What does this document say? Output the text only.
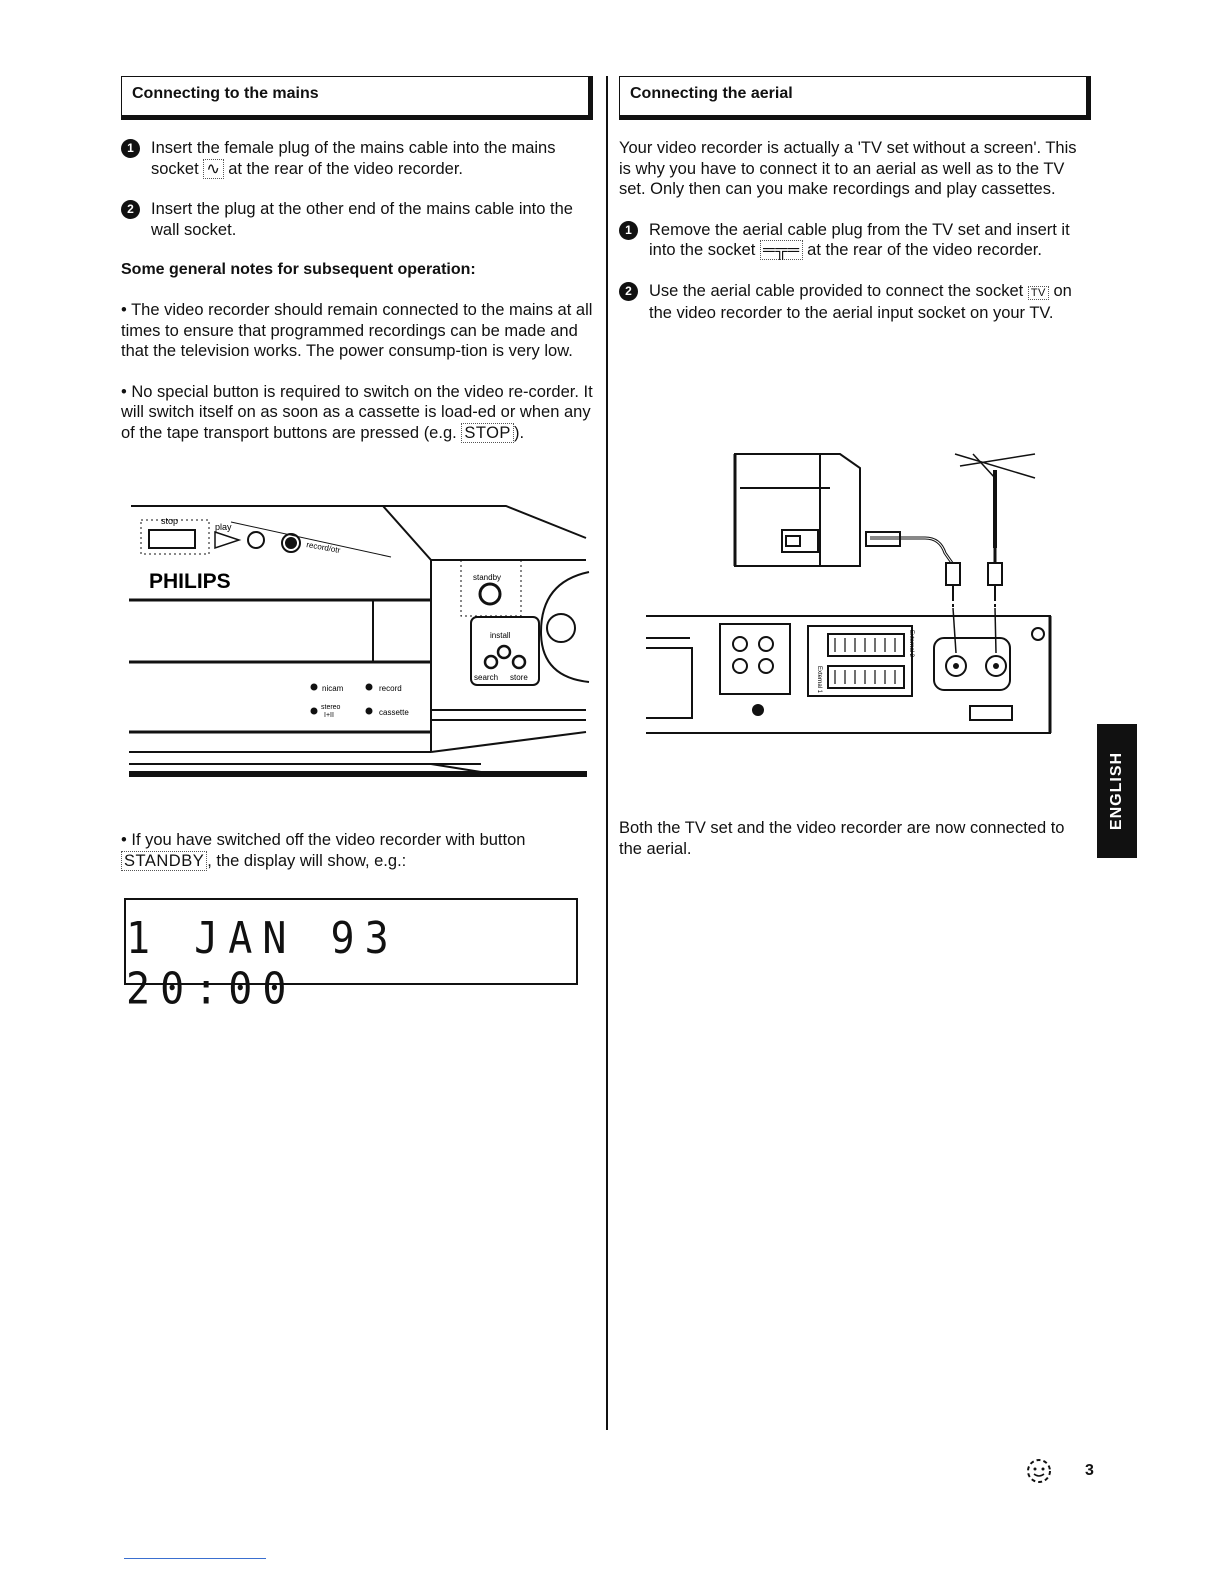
Connecting to the mains
1	Insert the female plug of the mains cable into the mains socket ∿ at the rear of the video recorder.
2	Insert the plug at the other end of the mains cable into the wall socket.
Some general notes for subsequent operation:

• The video recorder should remain connected to the mains at all times to ensure that programmed recordings can be made and that the television works. The power consump-tion is very low.

• No special button is required to switch on the video re-corder. It will switch itself on as soon as a cassette is load-ed or when any of the tape transport buttons are pressed (e.g. STOP ).

stop
play
record/otr
PHILIPS	standby
install
search store
nicam	record
stereo
I+II	cassette

• If you have switched off the video recorder with button STANDBY , the display will show, e.g.:

1 JAN 93 20:00
Connecting the aerial

Your video recorder is actually a 'TV set without a screen'. This is why you have to connect it to an aerial as well as to the TV set. Only then can you make recordings and play cassettes.

1	Remove the aerial cable plug from the TV set and insert it into the socket ═╦═ at the rear of the video recorder.
2	Use the aerial cable provided to connect the socket TV on the video recorder to the aerial input socket on your TV.
External 1
External 2

Both the TV set and the video recorder are now connected to the aerial.

ENGLISH
3
